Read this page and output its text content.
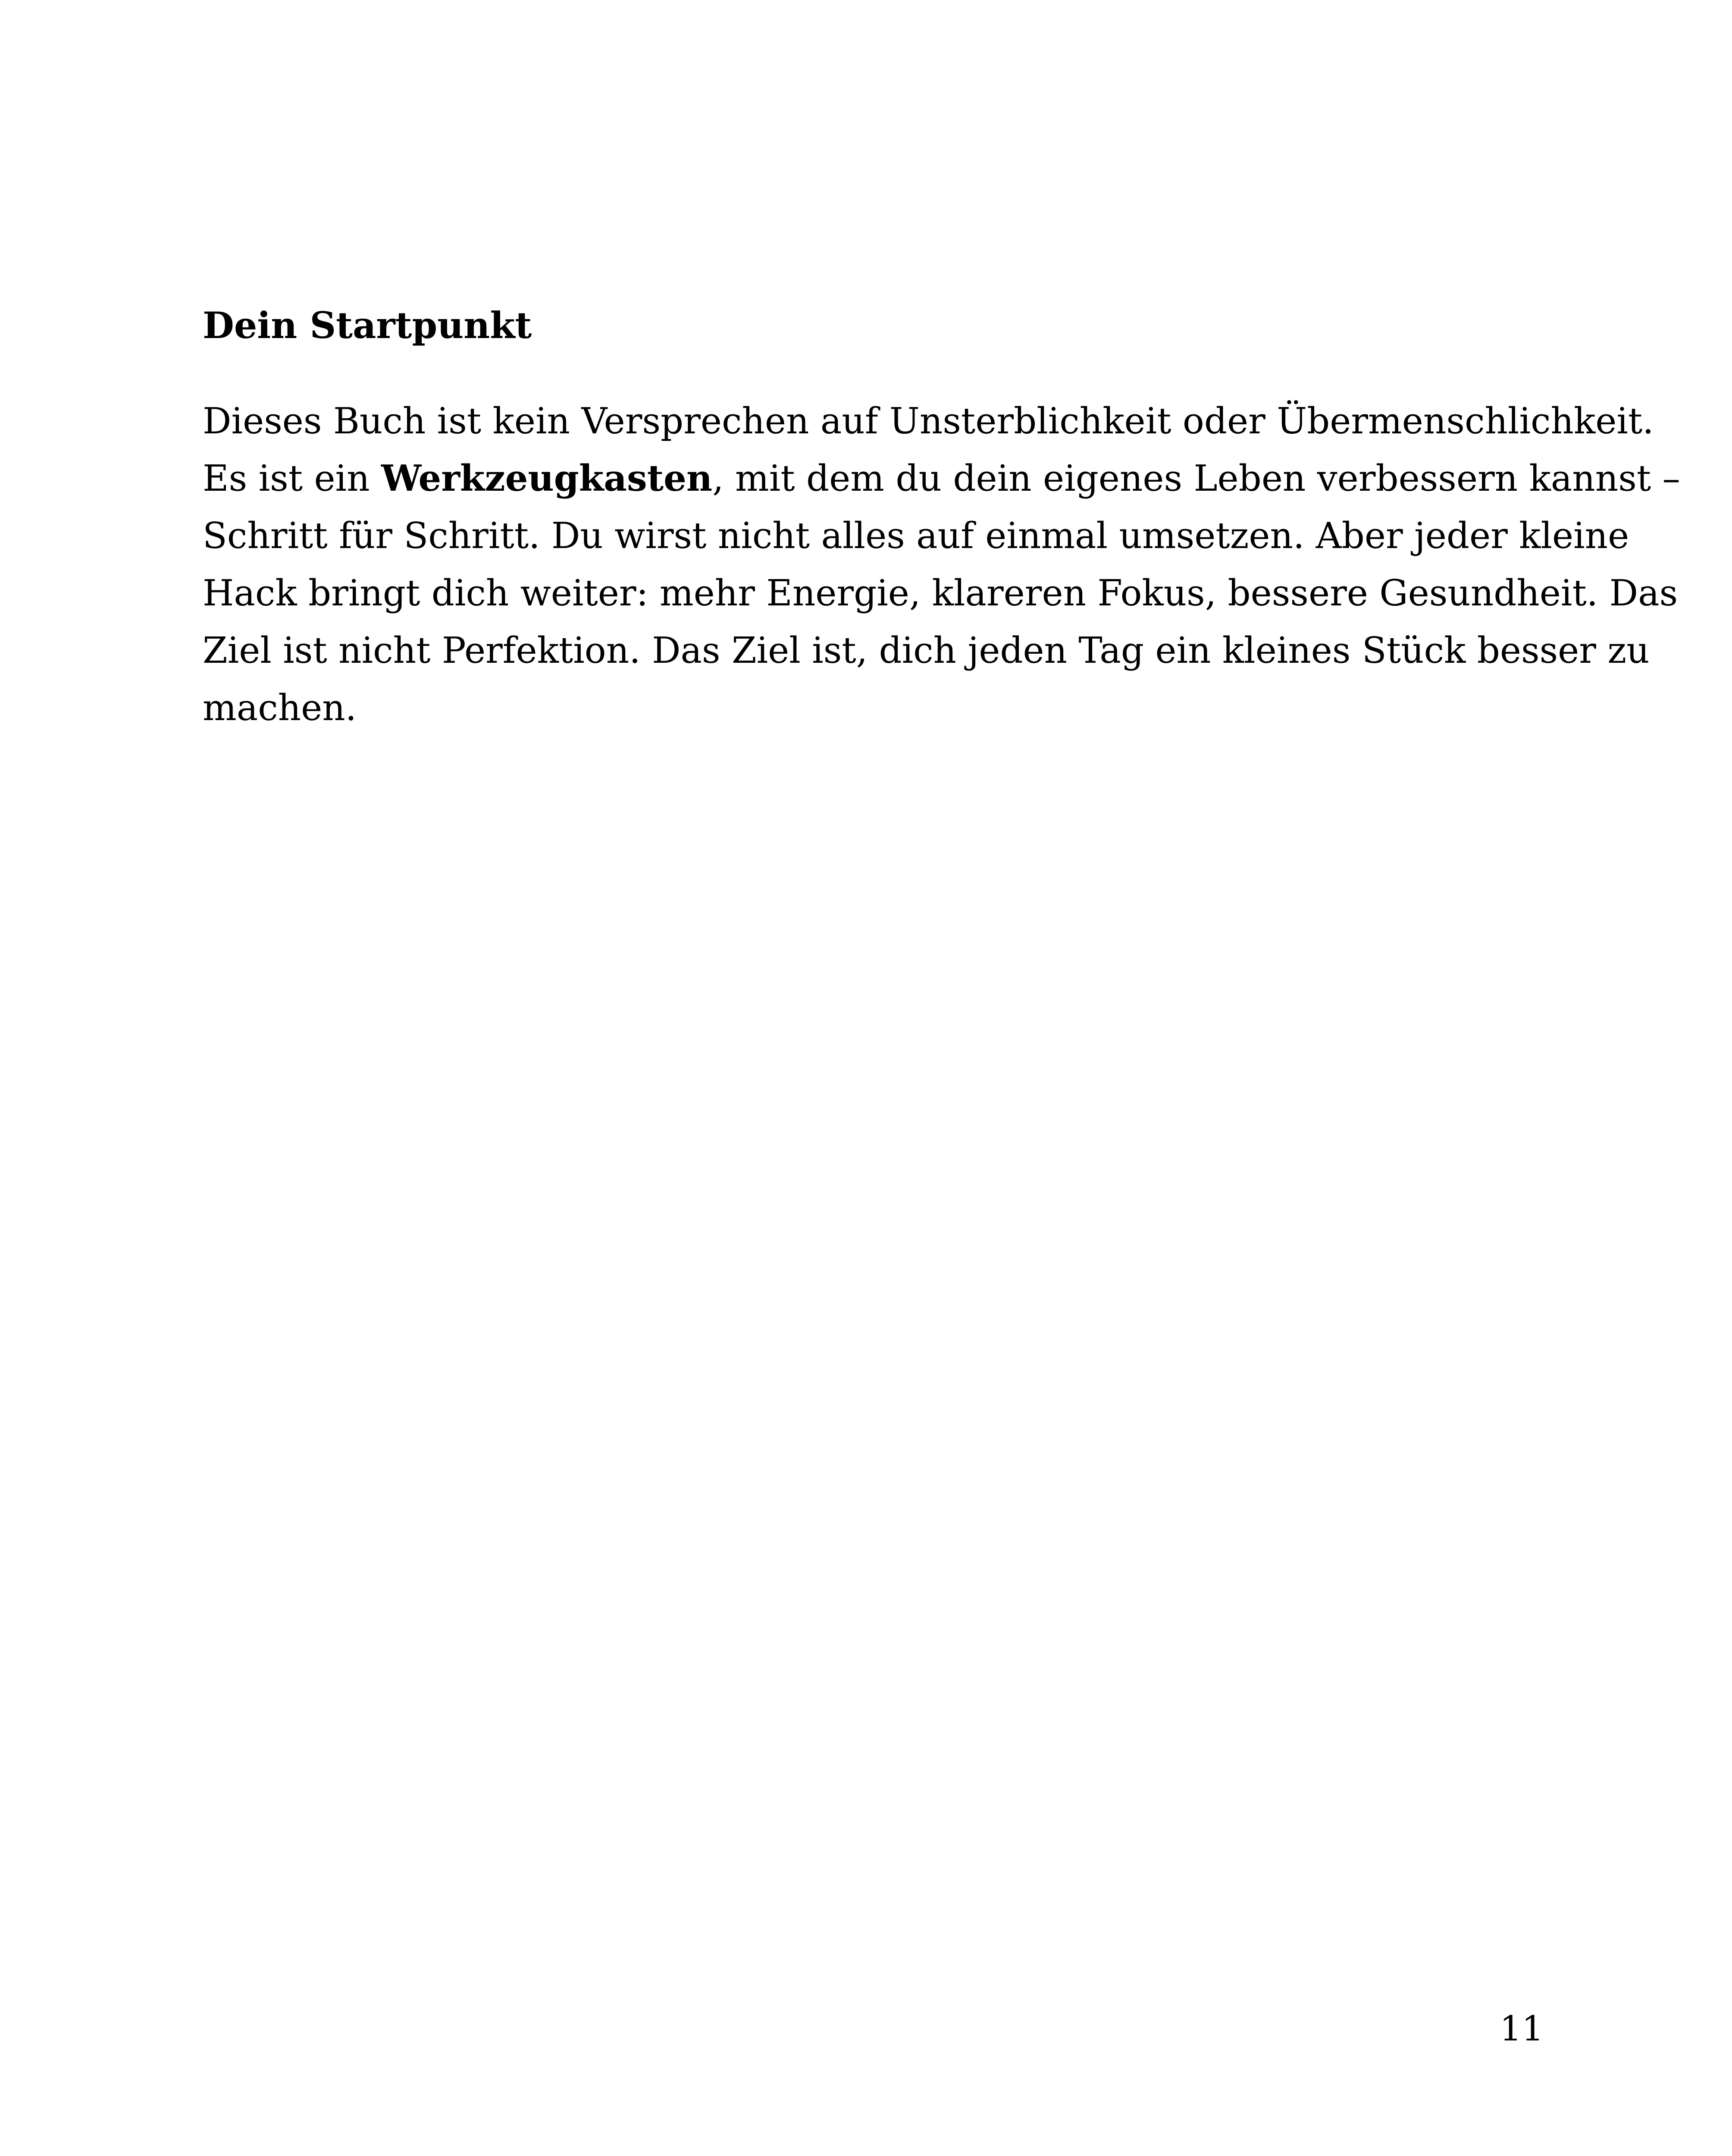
Dein Startpunkt

Dieses Buch ist kein Versprechen auf Unsterblichkeit oder Übermenschlichkeit.
Es ist ein Werkzeugkasten, mit dem du dein eigenes Leben verbessern kannst –
Schritt für Schritt. Du wirst nicht alles auf einmal umsetzen. Aber jeder kleine
Hack bringt dich weiter: mehr Energie, klareren Fokus, bessere Gesundheit. Das
Ziel ist nicht Perfektion. Das Ziel ist, dich jeden Tag ein kleines Stück besser zu
machen.

11
